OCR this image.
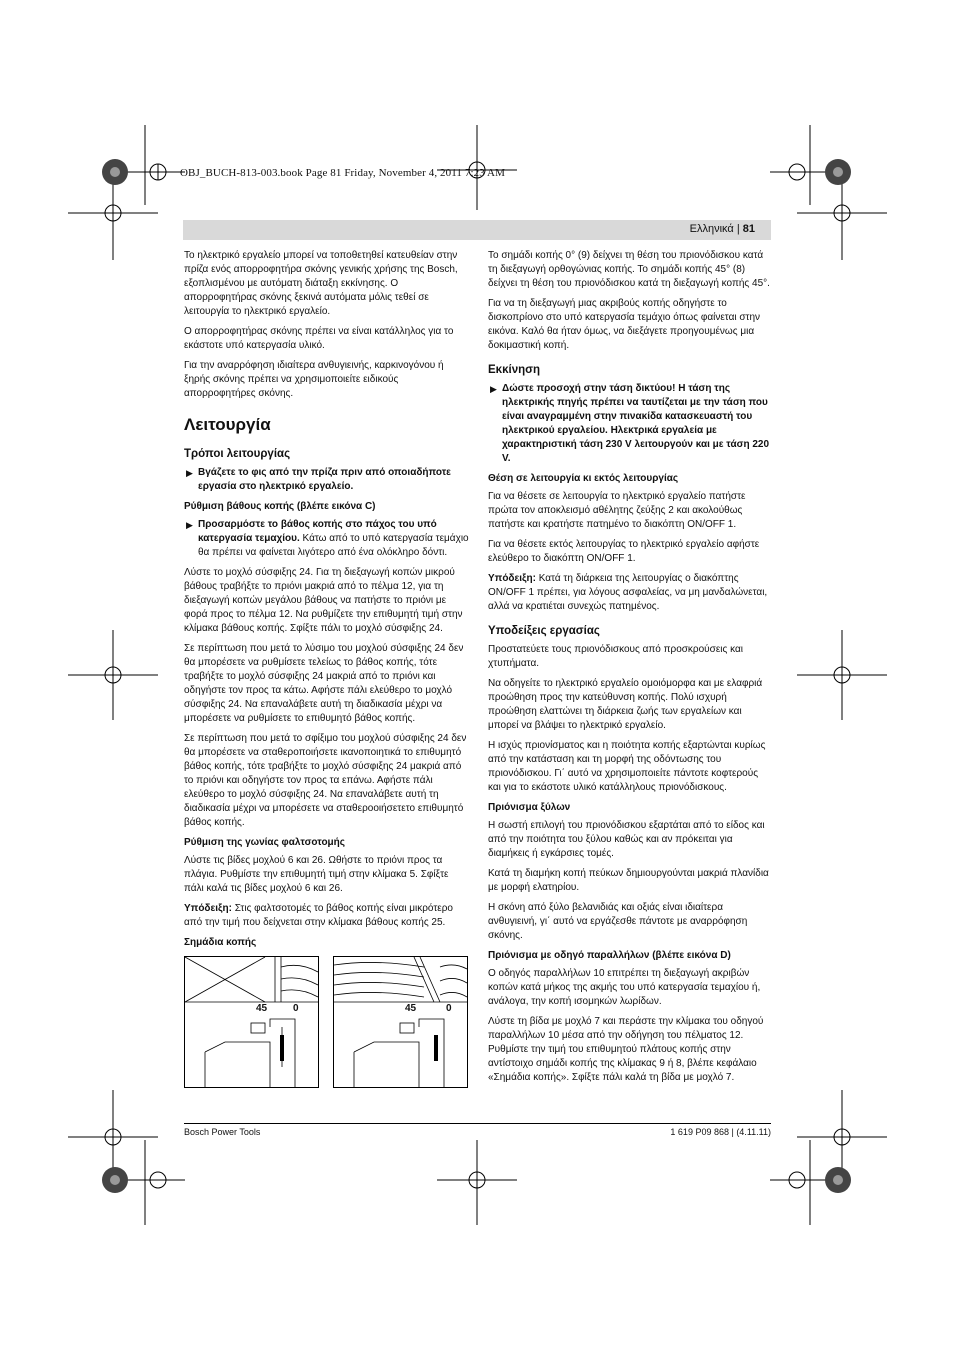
OBJ_BUCH-813-003.book Page 81 Friday, November 4, 2011 7:23 AM
Ελληνικά | 81

Το ηλεκτρικό εργαλείο μπορεί να τοποθετηθεί κατευθείαν στην πρίζα ενός απορροφητήρα σκόνης γενικής χρήσης της Bosch, εξοπλισμένου με αυτόματη διάταξη εκκίνησης. Ο απορροφητήρας σκόνης ξεκινά αυτόματα μόλις τεθεί σε λειτουργία το ηλεκτρικό εργαλείο.

Ο απορροφητήρας σκόνης πρέπει να είναι κατάλληλος για το εκάστοτε υπό κατεργασία υλικό.

Για την αναρρόφηση ιδιαίτερα ανθυγιεινής, καρκινογόνου ή ξηρής σκόνης πρέπει να χρησιμοποιείτε ειδικούς απορροφητήρες σκόνης.

Λειτουργία
Τρόποι λειτουργίας
▶ Βγάζετε το φις από την πρίζα πριν από οποιαδήποτε εργασία στο ηλεκτρικό εργαλείο.
Ρύθμιση βάθους κοπής (βλέπε εικόνα C)
▶ Προσαρμόστε το βάθος κοπής στο πάχος του υπό κατεργασία τεμαχίου. Κάτω από το υπό κατεργασία τεμάχιο θα πρέπει να φαίνεται λιγότερο από ένα ολόκληρο δόντι.

Λύστε το μοχλό σύσφιξης 24. Για τη διεξαγωγή κοπών μικρού βάθους τραβήξτε το πριόνι μακριά από το πέλμα 12, για τη διεξαγωγή κοπών μεγάλου βάθους να πατήστε το πριόνι με φορά προς το πέλμα 12. Να ρυθμίζετε την επιθυμητή τιμή στην κλίμακα βάθους κοπής. Σφίξτε πάλι το μοχλό σύσφιξης 24.

Σε περίπτωση που μετά το λύσιμο του μοχλού σύσφιξης 24 δεν θα μπορέσετε να ρυθμίσετε τελείως το βάθος κοπής, τότε τραβήξτε το μοχλό σύσφιξης 24 μακριά από το πριόνι και οδηγήστε τον προς τα κάτω. Αφήστε πάλι ελεύθερο το μοχλό σύσφιξης 24. Να επαναλάβετε αυτή τη διαδικασία μέχρι να μπορέσετε να ρυθμίσετε το επιθυμητό βάθος κοπής.

Σε περίπτωση που μετά το σφίξιμο του μοχλού σύσφιξης 24 δεν θα μπορέσετε να σταθεροποιήσετε ικανοποιητικά το επιθυμητό βάθος κοπής, τότε τραβήξτε το μοχλό σύσφιξης 24 μακριά από το πριόνι και οδηγήστε τον προς τα επάνω. Αφήστε πάλι ελεύθερο το μοχλό σύσφιξης 24. Να επαναλάβετε αυτή τη διαδικασία μέχρι να μπορέσετε να σταθεροοιήσετετο επιθυμητό βάθος κοπής.

Ρύθμιση της γωνίας φαλτσοτομής

Λύστε τις βίδες μοχλού 6 και 26. Ωθήστε το πριόνι προς τα πλάγια. Ρυθμίστε την επιθυμητή τιμή στην κλίμακα 5. Σφίξτε πάλι καλά τις βίδες μοχλού 6 και 26.

Υπόδειξη: Στις φαλτσοτομές το βάθος κοπής είναι μικρότερο από την τιμή που δείχνεται στην κλίμακα βάθους κοπής 25.

Σημάδια κοπής
45	0	45	0

Το σημάδι κοπής 0° (9) δείχνει τη θέση του πριονόδισκου κατά τη διεξαγωγή ορθογώνιας κοπής. Το σημάδι κοπής 45° (8) δείχνει τη θέση του πριονόδισκου κατά τη διεξαγωγή κοπής 45°.

Για να τη διεξαγωγή μιας ακριβούς κοπής οδηγήστε το δισκοπρίονο στο υπό κατεργασία τεμάχιο όπως φαίνεται στην εικόνα. Καλό θα ήταν όμως, να διεξάγετε προηγουμένως μια δοκιμαστική κοπή.

Εκκίνηση
▶ Δώστε προσοχή στην τάση δικτύου! Η τάση της ηλεκτρικής πηγής πρέπει να ταυτίζεται με την τάση που είναι αναγραμμένη στην πινακίδα κατασκευαστή του ηλεκτρικού εργαλείου. Ηλεκτρικά εργαλεία με χαρακτηριστική τάση 230 V λειτουργούν και με τάση 220 V.
Θέση σε λειτουργία κι εκτός λειτουργίας

Για να θέσετε σε λειτουργία το ηλεκτρικό εργαλείο πατήστε πρώτα τον αποκλεισμό αθέλητης ζεύξης 2 και ακολούθως πατήστε και κρατήστε πατημένο το διακόπτη ON/OFF 1.

Για να θέσετε εκτός λειτουργίας το ηλεκτρικό εργαλείο αφήστε ελεύθερο το διακόπτη ON/OFF 1.

Υπόδειξη: Κατά τη διάρκεια της λειτουργίας ο διακόπτης ON/OFF 1 πρέπει, για λόγους ασφαλείας, να μη μανδαλώνεται, αλλά να κρατιέται συνεχώς πατημένος.

Υποδείξεις εργασίας

Προστατεύετε τους πριονόδισκους από προσκρούσεις και χτυπήματα.

Να οδηγείτε το ηλεκτρικό εργαλείο ομοιόμορφα και με ελαφριά προώθηση προς την κατεύθυνση κοπής. Πολύ ισχυρή προώθηση ελαττώνει τη διάρκεια ζωής των εργαλείων και μπορεί να βλάψει το ηλεκτρικό εργαλείο.

Η ισχύς πριονίσματος και η ποιότητα κοπής εξαρτώνται κυρίως από την κατάσταση και τη μορφή της οδόντωσης του πριονόδισκου. Γι΄ αυτό να χρησιμοποιείτε πάντοτε κοφτερούς και για το εκάστοτε υλικό κατάλληλους πριονόδισκους.

Πριόνισμα ξύλων

Η σωστή επιλογή του πριονόδισκου εξαρτάται από το είδος και από την ποιότητα του ξύλου καθώς και αν πρόκειται για διαμήκεις ή εγκάρσιες τομές.

Κατά τη διαμήκη κοπή πεύκων δημιουργούνται μακριά πλανίδια με μορφή ελατηρίου.

Η σκόνη από ξύλο βελανιδιάς και οξιάς είναι ιδιαίτερα ανθυγιεινή, γι΄ αυτό να εργάζεσθε πάντοτε με αναρρόφηση σκόνης.

Πριόνισμα με οδηγό παραλλήλων (βλέπε εικόνα D)

Ο οδηγός παραλλήλων 10 επιτρέπει τη διεξαγωγή ακριβών κοπών κατά μήκος της ακμής του υπό κατεργασία τεμαχίου ή, ανάλογα, την κοπή ισομηκών λωρίδων.

Λύστε τη βίδα με μοχλό 7 και περάστε την κλίμακα του οδηγού παραλλήλων 10 μέσα από την οδήγηση του πέλματος 12. Ρυθμίστε την τιμή του επιθυμητού πλάτους κοπής στην αντίστοιχο σημάδι κοπής της κλίμακας 9 ή 8, βλέπε κεφάλαιο «Σημάδια κοπής». Σφίξτε πάλι καλά τη βίδα με μοχλό 7.

Bosch Power Tools	1 619 P09 868 | (4.11.11)
